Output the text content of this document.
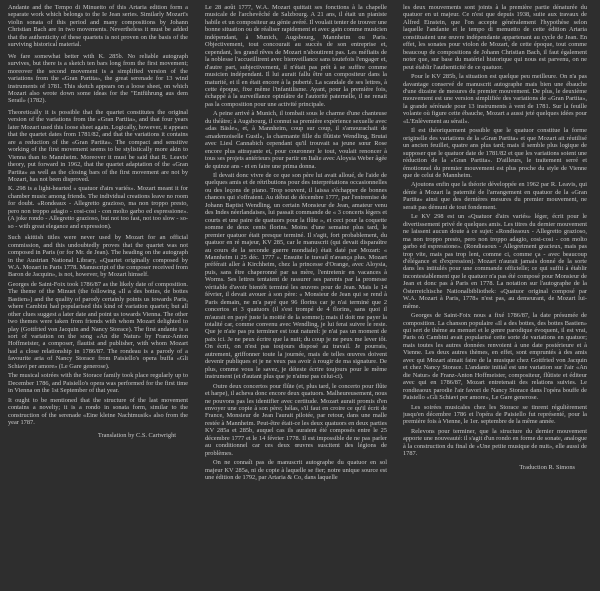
Andante and the Tempo di Minuetto of this Artaria edition form a separate work which belongs to the Ie Jean series. Similarly Mozart's violin sonata of this period and many compositions by Johann Christian Bach are in two movements. Nevertheless it must be added that the authenticity of these quartets is not proven on the basis of the surviving historical material.

We fare somewhat better with K. 285b. No reliable autograph survives, but there is a sketch ten bars long from the first movement; moreover the second movement is a simplified version of the variations from the «Gran Partita», the great serenade for 13 wind instruments of 1781. This sketch appears on a loose sheet, on which Mozart also wrote down some ideas for the "Entführung aus dem Serail» (1782).

Theoretically it is possible that the quartet constitutes the original version of the variations from the «Gran Partita», and that four years later Mozart used this loose sheet again. Logically, however, it appears that the quartet dates from 1781/82, and that the variations it contains are a reduction of the «Gran Partita». The compact and sensitive working of the first movement seems to be stylistically more akin to Vienna than to Mannheim. Moreover it must be said that R. Leavis' theory, put forward in 1962, that the quartet adaptation of the «Gran Partita» as well as the closing bars of the first movement are not by Mozart, has not been disproved.

K. 298 is a light-hearted « quatuor d'airs variés». Mozart meant it for chamber music among friends. The individual creations leave no room for doubt. «Rondeaux - Allegretto grazioso, ma non troppo presto, pero non troppo adagio - cosi-cosi - con molto garbo ed espressione». (A joke rondo - Allegretto grazioso, but not too fast, not too slow - so-so - with great elegance and expression).

Such skittish titles were never used by Mozart for an official commission, and this undoubtedly proves that the quartet was not composed in Paris (or for Mr. de Jean). The heading on the autograph in the Austrian National Library, «Quartet originally composed by W.A. Mozart in Paris 1778. Manuscript of the composer received from Baron de Jacquin», is not, however, by Mozart himself.

Georges de Saint-Foix took 1786/87 as the likely date of composition. The theme of the Minuet (the following «Il a des bottes, de bottes Bastien») and the quality of parody certainly points us towards Paris, where Cambini had popularised this kind of variation quartet; but all other clues suggest a later date and point us towards Vienna. The other two themes were taken from friends with whom Mozart delighted to play (Gottfried von Jacquin and Nancy Storace). The first andante is a sort of variation on the song «An die Natur» by Franz-Anton Hoffmeister, a composer, flautist and publisher, with whom Mozart had a close relationship in 1786/87. The rondeau is a parody of a favourite aria of Nancy Storace from Paisiello's opera buffa «Gli Schiavi per amore» (Le Gare generose).

The musical soirées with the Storace family took place regularly up to December 1786, and Paisiello's opera was performed for the first time in Vienna on the 1st September of that year.

It ought to be mentioned that the structure of the last movement contains a novelty; it is a rondo in sonata form, similar to the construction of the serenade «Eine kleine Nachtmusik» also from the year 1787.

Translation by C.S. Cartwright

Le 28 août 1777, W.A. Mozart quittait ses fonctions à la chapelle musicale de l'archevêché de Salzbourg. A 21 ans, il était un pianiste habile et un compositeur au génie avéré. Il voulait tenter de trouver une bonne situation ou de réaliser rapidement et avec gain comme musicien indépendant, à Munich, Augsbourg, Mannheim ou Paris. Objectivement, tout concourait au succès de son entreprise et, cependant, les grand rêves de Mozart n'aboutirent pas. Les méfiaits de la noblesse l'accueillirent avec bienveillance sans toutefois l'engager et, d'autre part, subjectivement, il n'était pas prêt à se suffire comme musicien indépendant. Il lui aurait fallu être un compositeur dans la maturité, et il en était encore à la puberté. La scandale de ses lettres, à cette époque, fixe même l'infantilisme. Ayant, pour la première fois, échappé à la surveillance opiniâtre de l'autorité paternelle, il ne renait pas la composition pour une activité principale.

A peine arrivé à Munich, il tombait sous le charme d'une chanteuse du théâtre; à Augsbourg, il connut sa première expérience sexuelle avec «das Bäsle», et, à Mannheim, coup sur coup, il s'amourachait de «mademoiselle Gustl», la charmante fille du flûtiste Wendling, Brutai avec Liesl Cannabich cependant qu'il trouvait sa jeune sœur Rose encore plus attrayante et, pour couronner le tout, voulait renoncer à tous ses projets antérieurs pour partir en Italie avec Aloysia Weber âgée de quinze ans - et en faire une prima donna.

Il devait donc vivre de ce que son père lui avait alloué, de l'aide de quelques amis et de rétributions pour des interprétations occasionnelles ou des leçons de piano. Trop souvent, il laissa s'échapper de bonnes chances qui s'offraient. Au début de décembre 1777, par l'entremise de Johann Baptist Wendling, un certain Monsieur de Jean, amateur venu des Indes néerlandaises, lui passait commande de « 3 concerts légers et courts et une paire de quatuors pour la flûte », et ceci pour la coquette somme de deux cents florins. Moins d'une semaine plus tard, le premier quatuor était presque terminé. Il s'agit, fort probablement, du quatuor en ré majeur, KV 285, car le manuscrit (qui devait disparaître au cours de la seconde guerre mondiale) était daté par Mozart: « Mannheim ii 25 déc. 1777 ». Ensuite le travail n'avança plus. Mozart préférait aller à Kirchheim, chez la princesse d'Orange, avec Aloysia, puis, sans être chaperonné par sa mère, l'entretenir en vacances à Worms. Ses lettres tentaient de rassurer ses parents par la promesse véritable d'avoir bientôt terminé les œuvres pour de Jean. Mais le 14 février, il devait avouer à son père: « Monsieur de Jean qui se rend à Paris demain, ne m'a payé que 96 florins car je n'ai terminé que 2 concertos et 3 quatuors (il s'est trompé de 4 florins, sans quoi il m'aurait en payé juste la moitié de la somme); mais il doit me payer la totalité car, comme convenu avec Wendling, je lui ferai suivre le reste. Que je n'aie pas pu terminer est tout naturel: je n'ai pas un moment de paix ici. Je ne peux écrire que la nuit; du coup je ne peux me lever tôt. On écrit, on n'est pas toujours disposé au travail. Je pourrais, autrement, griffonner toute la journée, mais de telles œuvres doivent devenir publiques et je ne veux pas avoir à rougir de ma signature. De plus, comme vous le savez, je déteste écrire toujours pour le même instrument (et d'autant plus que je n'aime pas celui-ci).

Outre deux concertos pour flûte (et, plus tard, le concerto pour flûte et harpe), il acheva donc encore deux quatuors. Malheureusement, nous ne pouvons pas les identifier avec certitude. Mozart aurait promis d'en envoyer une copie à son père; hélas, s'il faut en croire ce qu'il écrit de France, Monsieur de Jean l'aurait pilotée, par retour, dans une malle restée à Mannheim. Peut-être était-ce les deux quatuors en deux parties KV 285a et 285b, auquel cas ils auraient été composés entre le 25 décembre 1777 et le 14 février 1778. Il est impossible de ne pas parler au conditionnel car ces deux œuvres suscitent des légions de problèmes.

On ne connaît pas de manuscrit autographe du quatuor en sol majeur KV 285a, ni de copie à laquelle se fier; notre unique source est une édition de 1792, par Artaria & Co, dans laquelle

les deux mouvements sont joints à la première partie dénaturée du quatuor en ut majeur. Ce n'est que depuis 1938, suite aux travaux de Alfred Einstein, que l'on accepte généralement l'hypothèse selon laquelle l'andante et le tempo di menuetto de cette édition Artaria constituaient une œuvre indépendante appartenant au cycle de Jean. En effet, les sonates pour violon de Mozart, de cette époque, tout comme beaucoup de compositions de Johann Christian Bach, il faut également noter que, sur base du matériel historique qui nous est parvenu, on ne peut établir l'authenticité de ce quatuor.

Pour le KV 285b, la situation est quelque peu meilleure. On n'a pas davantage conservé de manuscrit autographe mais bien une ébauche d'une dizaine de mesures du premier mouvement. De plus, le deuxième mouvement est une version simplifiée des variations de «Gran Partita», la grande sérénade pour 13 instruments à vent de 1781. Sur la feuille volante où figure cette ébauche, Mozart a aussi jeté quelques idées pour «L'Enlèvement au sérail».

Il est théoriquement possible que le quatuor constitue la forme originelle des variations de la «Gran Partita» et que Mozart ait réutilisé un ancien feuillet, quatre ans plus tard; mais il semble plus logique de supposer que le quatuor date de 1781/82 et que les variations soient une réduction de la «Gran Partita». D'ailleurs, le traitement serré et émotionnel du premier mouvement est plus proche du style de Vienne que de celui de Mannheim.

Ajoutons enfin que la théorie développée en 1962 par R. Leavis, qui dénie à Mozart la paternité de l'arrangement en quatuor de la «Gran Partita» ainsi que des dernières mesures du premier mouvement, ne serait pas démuni de tout fondement.

Le KV 298 est un «Quatuor d'airs variés» léger, écrit pour le divertissement privé de quelques amis. Les titres du dernier mouvement ne laissent aucun doute à ce sujet: «Rondieaoux - Allegretto grazioso, ma non troppo presto, pero non troppo adagio, cosi-cosi - con molto garbo ed espressione». (Rondieaoux - Allegretment gracieux, mais pas trop vite, mais pas trop lent, comme ci, comme ça - avec beaucoup d'élégance et d'expression). Mozart n'aurait jamais donné de la sorte dans les intitulés pour une commande officielle; ce qui suffit à établir incontestablement que le quatuor n'a pas été composé pour Monsieur de Jean et donc pas à Paris en 1778. La notation sur l'autographe de la Österreichische Nationalbibliothek: «Quatuor original composé par W.A. Mozart à Paris, 1778» n'est pas, au demeurant, de Mozart lui-même.

Georges de Saint-Foix nous a fixé 1786/87, la date présumée de composition. La chanson populaire «Il a des bottes, des bottes Bastien» qui sert de thème au menuet et le genre parodique évoquent, il est vrai, Paris où Cambini avait popularisé cette sorte de variations en quatuor; mais toutes les autres données renvoient à une date postérieure et à Vienne. Les deux autres thèmes, en effet, sont empruntés à des amis avec qui Mozart aimait faire de la musique chez Gottfried von Jacquin et chez Nancy Storace. L'andante initial est une variation sur l'air «An die Natur» de Franz-Anton Hoffmeister, compositeur, flûtiste et éditeur avec qui en 1786/87, Mozart entretenait des relations suivies. Le rondieaoux parodie l'air favori de Nancy Storace dans l'opéra bouffe de Paisiello «Gli Schiavi per amore», Le Gare generose.

Les soirées musicales chez les Storace se tinrent régulièrement jusqu'en décembre 1786 et l'opéra de Paisiello fut représenté, pour la première fois à Vienne, le 1er. septembre de la même année.

Relevons pour terminer, que la structure du dernier mouvement apporte une nouveauté: il s'agit d'un rondo en forme de sonate, analogue à la construction du final de «Une petite musique de nuit», elle aussi de 1787.

Traduction R. Simons
